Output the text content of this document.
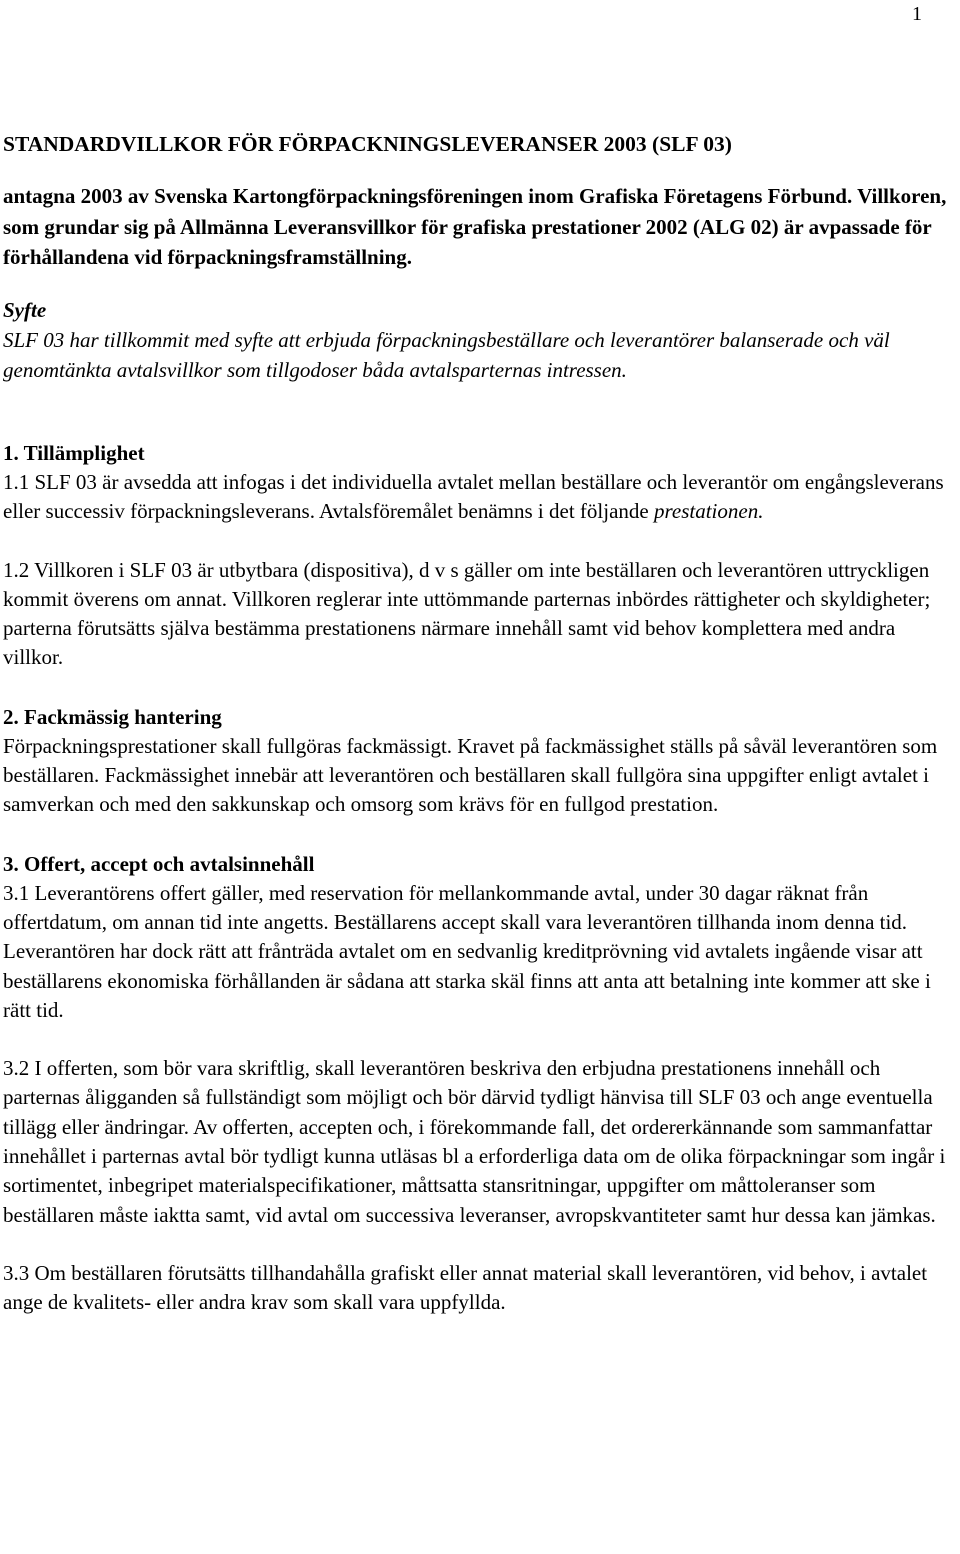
1
STANDARDVILLKOR FÖR FÖRPACKNINGSLEVERANSER 2003 (SLF 03)
antagna 2003 av Svenska Kartongförpackningsföreningen inom Grafiska Företagens Förbund. Villkoren, som grundar sig på Allmänna Leveransvillkor för grafiska prestationer 2002 (ALG 02) är avpassade för förhållandena vid förpackningsframställning.
Syfte
SLF 03 har tillkommit med syfte att erbjuda förpackningsbeställare och leverantörer balanserade och väl genomtänkta avtalsvillkor som tillgodoser båda avtalsparternas intressen.
1. Tillämplighet
1.1 SLF 03 är avsedda att infogas i det individuella avtalet mellan beställare och leverantör om engångsleverans eller successiv förpackningsleverans. Avtalsföremålet benämns i det följande prestationen.
1.2 Villkoren i SLF 03 är utbytbara (dispositiva), d v s gäller om inte beställaren och leverantören uttryckligen kommit överens om annat. Villkoren reglerar inte uttömmande parternas inbördes rättigheter och skyldigheter; parterna förutsätts själva bestämma prestationens närmare innehåll samt vid behov komplettera med andra villkor.
2. Fackmässig hantering
Förpackningsprestationer skall fullgöras fackmässigt. Kravet på fackmässighet ställs på såväl leverantören som beställaren. Fackmässighet innebär att leverantören och beställaren skall fullgöra sina uppgifter enligt avtalet i samverkan och med den sakkunskap och omsorg som krävs för en fullgod prestation.
3. Offert, accept och avtalsinnehåll
3.1 Leverantörens offert gäller, med reservation för mellankommande avtal, under 30 dagar räknat från offertdatum, om annan tid inte angetts. Beställarens accept skall vara leverantören tillhanda inom denna tid. Leverantören har dock rätt att frånträda avtalet om en sedvanlig kreditprövning vid avtalets ingående visar att beställarens ekonomiska förhållanden är sådana att starka skäl finns att anta att betalning inte kommer att ske i rätt tid.
3.2 I offerten, som bör vara skriftlig, skall leverantören beskriva den erbjudna prestationens innehåll och parternas åligganden så fullständigt som möjligt och bör därvid tydligt hänvisa till SLF 03 och ange eventuella tillägg eller ändringar. Av offerten, accepten och, i förekommande fall, det ordererkännande som sammanfattar innehållet i parternas avtal bör tydligt kunna utläsas bl a erforderliga data om de olika förpackningar som ingår i sortimentet, inbegripet materialspecifikationer, måttsatta stansritningar, uppgifter om måttoleranser som beställaren måste iaktta samt, vid avtal om successiva leveranser, avropskvantiteter samt hur dessa kan jämkas.
3.3 Om beställaren förutsätts tillhandahålla grafiskt eller annat material skall leverantören, vid behov, i avtalet ange de kvalitets- eller andra krav som skall vara uppfyllda.
